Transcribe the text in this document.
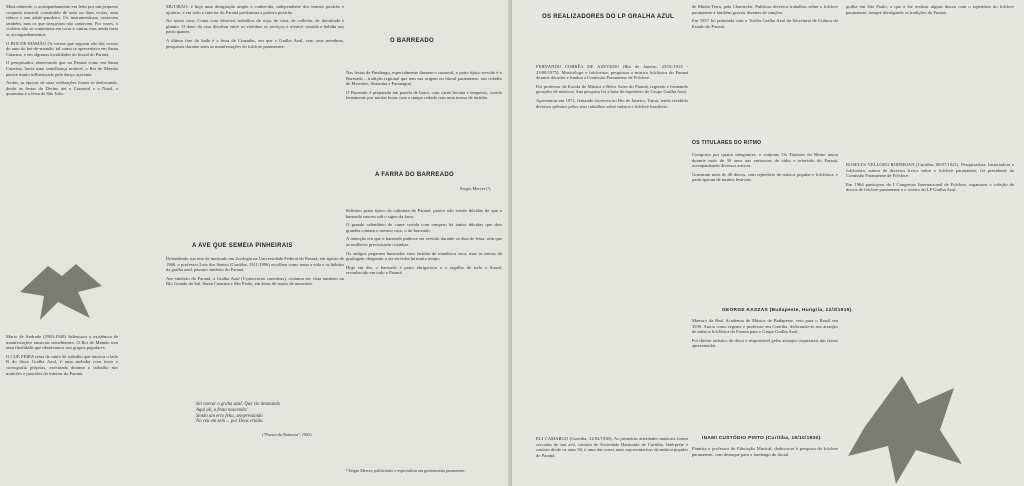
Musicalmente, o acompanhamento era feito por um pequeno conjunto musical constituído de uma ou duas violas, uma rabeca e um adufe-pandeiro. Os instrumentistas cantavam também, mas os que dançavam não cantavam. Por vezes, o violeiro não se contentava em tocar e cantar, mas ainda fazia os acompanhamentos.

O BOI-DE-MAMÃO Os versos que seguem são dos versos do auto do boi-de-mamão, tal como se apresentava em Santa Catarina, e em algumas localidades do litoral do Paraná.

O pesquisador, observando que no Paraná como em Santa Catarina, havia uma semelhança notável, o Boi de Mamão parece muito influenciado pela dança açoriana.

Assim, as épocas de suas realizações foram se deslocando, desde as festas do Divino até o Carnaval e o Natal, a quaresma e a festa de São João.

Mario de Andrade (1984:1948) Salientava a existência de manifestações musicais semelhantes. O Boi de Mamão tem uma finalidade que observamos nos grupos populares.

O CUÉ FEIRA tema de canto de trabalho que encerra o lado B do disco Gralha Azul, é uma melodia com texto e coreografia próprias, executada durante o trabalho nos mutirões e puxirões do interior do Paraná.

MUTIRÃO: é hoje uma designação ampla e conhecida, independente dos termos puxirão e ajutório, e em todo o interior do Paraná predomina a palavra puxirão.

No nosso caso, Conta com diversos trabalhos de roça, de casa, de colheita, de derrubada e plantio. O dono da casa distribui entre os vizinhos os serviços e oferece comida e bebida aos participantes.

A última fase do baile é a festa de Cruzadas, em que o Gralha Azul, com seus membros, pesquisou durante anos as manifestações do folclore paranaense.

A AVE QUE SEMEIA PINHEIRAIS

Defendendo sua tese de mestrado em Zoologia na Universidade Federal do Paraná, em agosto de 1968, o professor Luiz dos Santos (Curitiba, 1911/1996) escolheu como tema a vida e os hábitos da gralha azul, pássaro símbolo do Paraná.

Ave-símbolo do Paraná, a Gralha Azul (Cyanocorax caeruleus), costuma ser vista também no Rio Grande do Sul, Santa Catarina e São Paulo, em áreas de matas de araucária.

Sei cuecar o graha azul: Que vio desmando
Aqui ali, o fruto nascendo!
Sendo um erro feita, semprestando
No céu em sem ... por Deus criado.
("Poesia da Natureza", 1965)
O BARREADO

Nas festas de Fandango, especialmente durante o carnaval, o prato típico servido é o Barreado – tradição regional que tem sua origem no litoral paranaense, nas cidades de Morretes, Antonina e Paranaguá.

O Barreado é preparado em panela de barro, com carne bovina e temperos, cozido lentamente por muitas horas com a tampa vedada com uma massa de farinha.

A FARRA DO BARREADO
Sergio Mercer (¹)

Solitário prato típico da culinária do Paraná, parece não existir dúvidas de que o barreado nasceu sob o signo da farra.

O grande calendário de carne cozida com tempero há tantas dúvidas que dois grandes contam o mesmo caso, o do barreado.

A intenção era que o barreado pudesse ser servido durante os dias de festa, sem que as mulheres precisassem cozinhar.

Os antigos pegavam barreados com farinha de mandioca seca, mas as mesas da grafiagem chegaram a ser servidas há muito tempo.

Hoje em dia, o barreado é prato obrigatório e o orgulho de todo o litoral, reconhecido em todo o Paraná.

¹ Sergio Mercer, publicitário e especialista em gastronomia paranaense.
OS REALIZADORES DO LP GRALHA AZUL

FERNANDO CORRÊA DE AZEVEDO (Rio de Janeiro, 23/01/1913 - 23/08/1975). Musicólogo e folclorista, pesquisou a música folclórica do Paraná durante décadas e fundou a Comissão Paranaense de Folclore.

Foi professor da Escola de Música e Belas Artes do Paraná, regendo e formando gerações de músicos. Sua pesquisa foi a base do repertório do Grupo Gralha Azul.

Apresentou em 1971, fernando escreveu no Rio de Janeiro, Tuiuti, tendo recebido diversos prêmios pelos seus trabalhos sobre música e folclore brasileiro.

ELI CAMARGO (Curitiba, 12/02/1930). As primeiras atividades musicais foram cercadas de sua avó, cantora de Sociedade Harmonia de Curitiba. Intérprete e cantora desde os anos 50, é uma das vozes mais representativas da música popular do Paraná.

de Minha Terra, pela Chantecler. Publicou diversos trabalhos sobre o folclore paranaense e também gravou dezenas de canções.

Em 1957 foi premiada com o Troféu Gralha Azul da Secretaria de Cultura do Estado do Paraná.

OS TITULARES DO RITMO

Composto por quatro integrantes, o conjunto Os Titulares do Ritmo atuou durante mais de 30 anos nas emissoras de rádio e televisão do Paraná, acompanhando diversos artistas.

Gravaram mais de 40 discos, com repertório de música popular e folclórica, e participaram de muitos festivais.

GEORGE KASZAS (Budapeste, Hungria, 12/3/1919).

Maestro da Real Academia de Música de Budapeste, veio para o Brasil em 1939. Atuou como regente e professor em Curitiba, dedicando-se aos arranjos de música folclórica do Paraná para o Grupo Gralha Azul.

Foi diretor artístico do disco e responsável pelos arranjos orquestrais das faixas apresentadas.

INAMI CUSTÓDIO PINTO (Curitiba, 19/10/1930).

Pianista e professor de Educação Musical, dedicou-se à pesquisa do folclore paranaense, com destaque para o fandango do litoral.

gralha em São Paulo, o que a fez realizar alguns discos com o repertório do folclore paranaense, sempre divulgando as tradições do Paraná.

ROSELYS VELLOZO RODERJAN (Curitiba, 08/07/1921). Pesquisadora, historiadora e folclorista, autora de diversos livros sobre o folclore paranaense, foi presidente da Comissão Paranaense de Folclore.

Em 1964 participou do I Congresso Internacional de Folclore, organizou a coleção de discos de folclore paranaense e o roteiro do LP Gralha Azul.
